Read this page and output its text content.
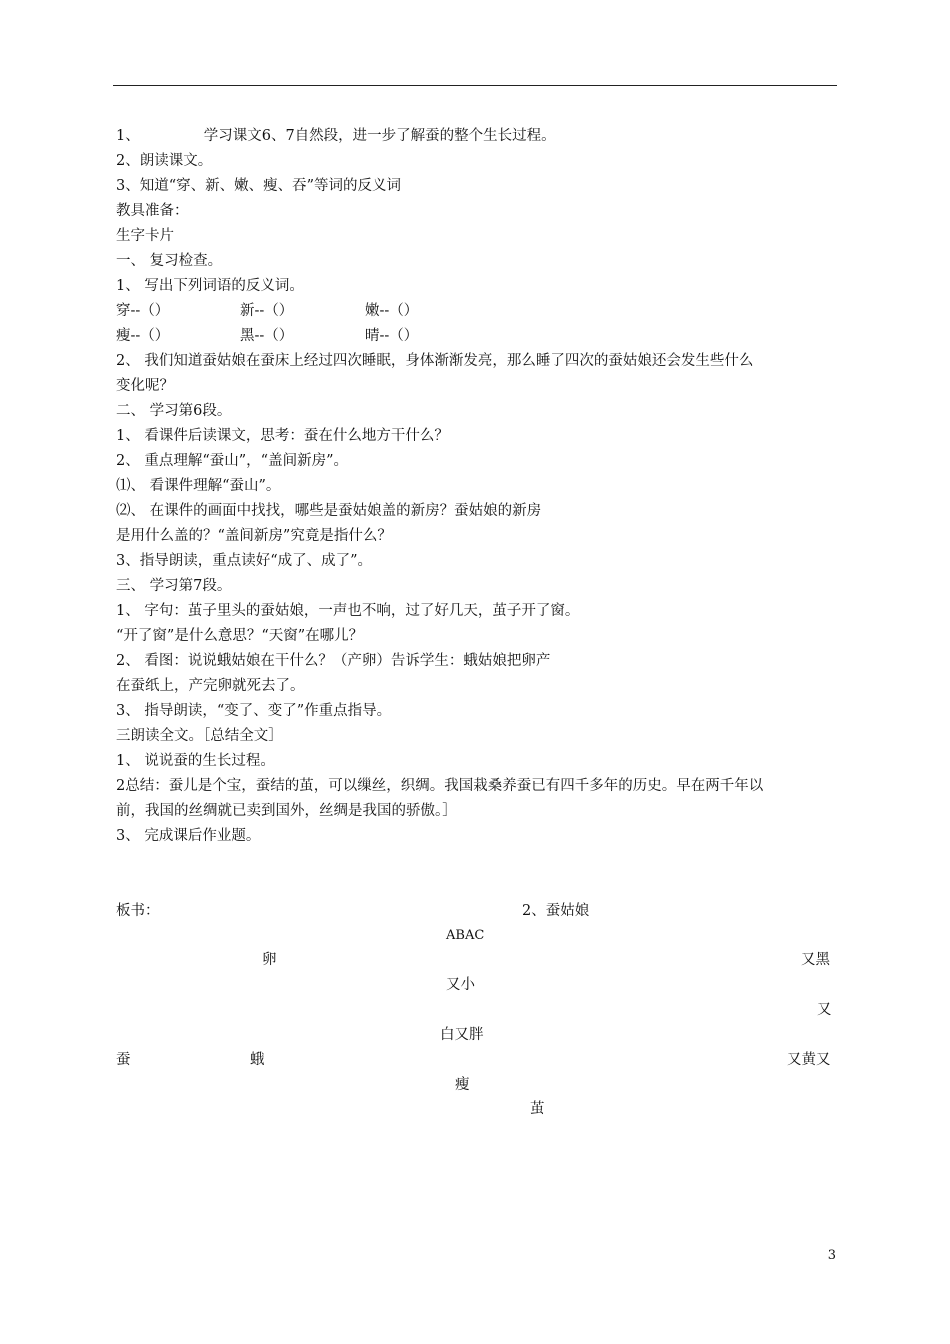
1、	学习课文6、7自然段，进一步了解蚕的整个生长过程。
2、朗读课文。
3、知道“穿、新、嫩、瘦、吞”等词的反义词
教具准备：
生字卡片
一、 复习检查。
1、 写出下列词语的反义词。
穿--（）	新--（）	嫩--（）
瘦--（）	黑--（）	晴--（）
2、 我们知道蚕姑娘在蚕床上经过四次睡眠，身体渐渐发亮，那么睡了四次的蚕姑娘还会发生些什么
变化呢？
二、 学习第6段。
1、 看课件后读课文，思考：蚕在什么地方干什么？
2、 重点理解“蚕山”，“盖间新房”。
⑴、 看课件理解“蚕山”。
⑵、 在课件的画面中找找，哪些是蚕姑娘盖的新房？蚕姑娘的新房
是用什么盖的？“盖间新房”究竟是指什么？
3、指导朗读，重点读好“成了、成了”。
三、 学习第7段。
1、 字句：茧子里头的蚕姑娘，一声也不响，过了好几天，茧子开了窗。
“开了窗”是什么意思？“天窗”在哪儿？
2、 看图：说说蛾姑娘在干什么？（产卵）告诉学生：蛾姑娘把卵产
在蚕纸上，产完卵就死去了。
3、 指导朗读，“变了、变了”作重点指导。
三朗读全文。［总结全文］
1、 说说蚕的生长过程。
2总结：蚕儿是个宝，蚕结的茧，可以缫丝，织绸。我国栽桑养蚕已有四千多年的历史。早在两千年以
前，我国的丝绸就已卖到国外，丝绸是我国的骄傲。］
3、 完成课后作业题。
板书：	2、蚕姑娘
ABAC
卵	又黑
又小
又
白又胖
蚕	蛾	又黄又
瘦
茧
3
